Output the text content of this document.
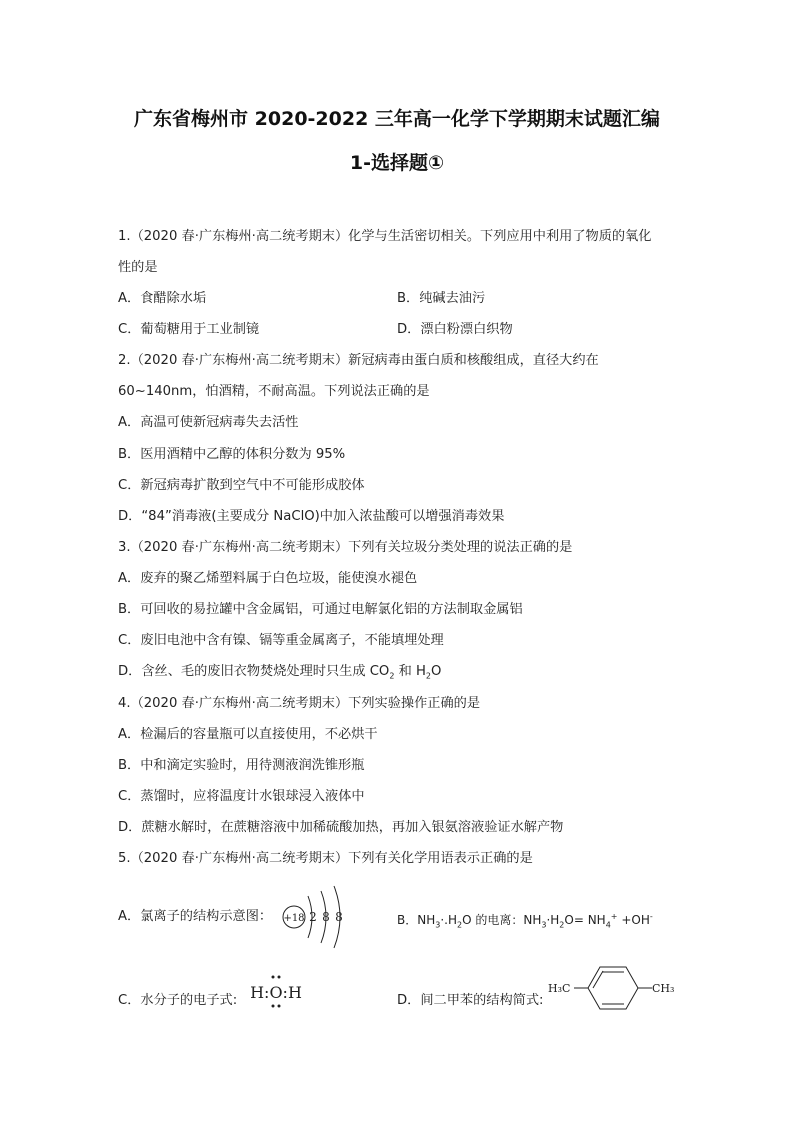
广东省梅州市 2020-2022 三年高一化学下学期期末试题汇编
1-选择题①
1.（2020 春·广东梅州·高二统考期末）化学与生活密切相关。下列应用中利用了物质的氧化
性的是
A．食醋除水垢	B．纯碱去油污
C．葡萄糖用于工业制镜	D．漂白粉漂白织物
2.（2020 春·广东梅州·高二统考期末）新冠病毒由蛋白质和核酸组成，直径大约在
60~140nm，怕酒精，不耐高温。下列说法正确的是
A．高温可使新冠病毒失去活性
B．医用酒精中乙醇的体积分数为 95%
C．新冠病毒扩散到空气中不可能形成胶体
D．“84”消毒液(主要成分 NaClO)中加入浓盐酸可以增强消毒效果
3.（2020 春·广东梅州·高二统考期末）下列有关垃圾分类处理的说法正确的是
A．废弃的聚乙烯塑料属于白色垃圾，能使溴水褪色
B．可回收的易拉罐中含金属铝，可通过电解氯化铝的方法制取金属铝
C．废旧电池中含有镍、镉等重金属离子，不能填埋处理
D．含丝、毛的废旧衣物焚烧处理时只生成 $CO_2$ 和 $H_2O$
4.（2020 春·广东梅州·高二统考期末）下列实验操作正确的是
A．检漏后的容量瓶可以直接使用，不必烘干
B．中和滴定实验时，用待测液润洗锥形瓶
C．蒸馏时，应将温度计水银球浸入液体中
D．蔗糖水解时，在蔗糖溶液中加稀硫酸加热，再加入银氨溶液验证水解产物
5.（2020 春·广东梅州·高二统考期末）下列有关化学用语表示正确的是
A．氯离子的结构示意图： +18 2 8 8	B．$NH_3\cdot.H_2O$ 的电离：$NH_3\cdot H_2O= NH_4^+ +OH^-$
C．水分子的电子式: H:O:H	D．间二甲苯的结构简式:
H₃C	CH₃
